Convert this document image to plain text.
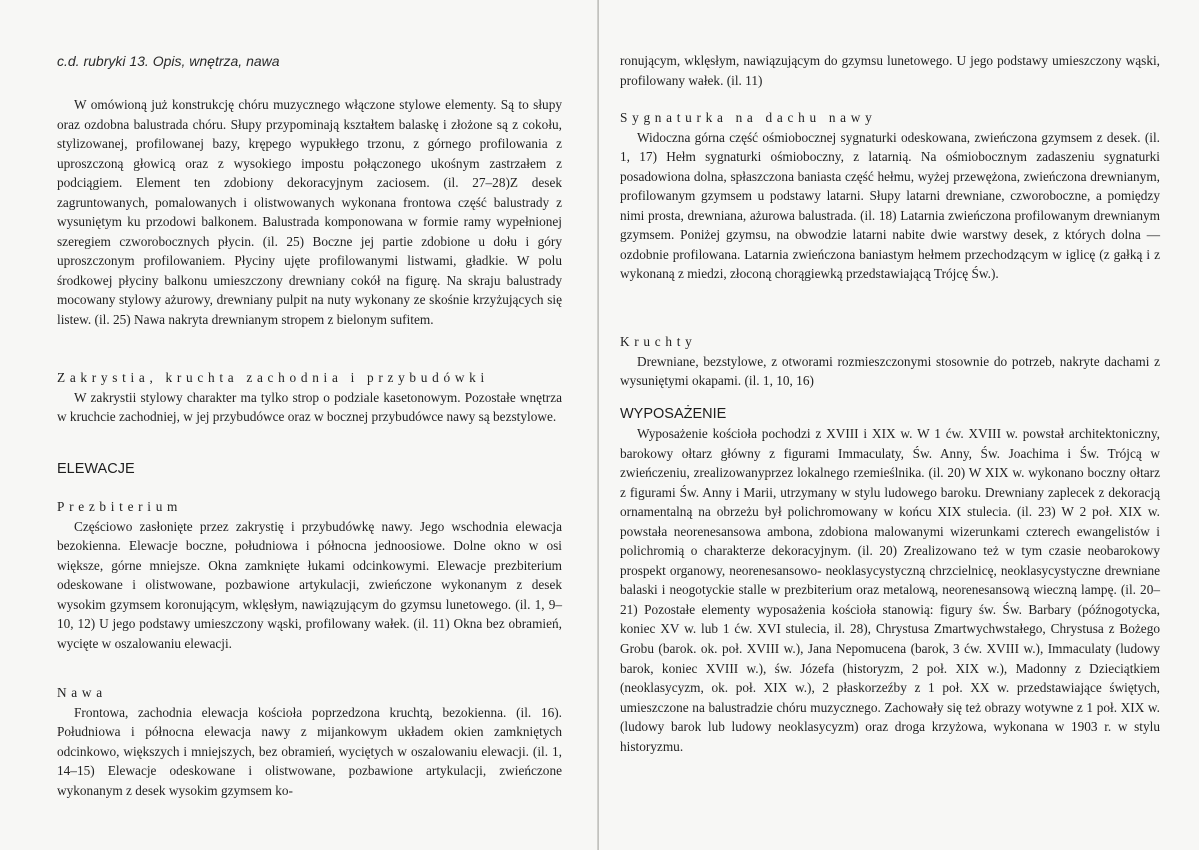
c.d. rubryki 13. Opis, wnętrza, nawa

W omówioną już konstrukcję chóru muzycznego włączone stylowe elementy. Są to słupy oraz ozdobna balustrada chóru. Słupy przypominają kształtem balaskę i złożone są z cokołu, stylizowanej, profilowanej bazy, krępego wypukłego trzonu, z górnego profilowania z uproszczoną głowicą oraz z wysokiego impostu połączonego ukośnym zastrzałem z podciągiem. Element ten zdobiony dekoracyjnym zaciosem. (il. 27–28)Z desek zagruntowanych, pomalowanych i olistwowanych wykonana frontowa część balustrady z wysuniętym ku przodowi balkonem. Balustrada komponowana w formie ramy wypełnionej szeregiem czworobocznych płycin. (il. 25) Boczne jej partie zdobione u dołu i góry uproszczonym profilowaniem. Płyciny ujęte profilowanymi listwami, gładkie. W polu środkowej płyciny balkonu umieszczony drewniany cokół na figurę. Na skraju balustrady mocowany stylowy ażurowy, drewniany pulpit na nuty wykonany ze skośnie krzyżujących się listew. (il. 25) Nawa nakryta drewnianym stropem z bielonym sufitem.

Zakrystia, kruchta zachodnia i przybudówki

W zakrystii stylowy charakter ma tylko strop o podziale kasetonowym. Pozostałe wnętrza w kruchcie zachodniej, w jej przybudówce oraz w bocznej przybudówce nawy są bezstylowe.

ELEWACJE

Prezbiterium

Częściowo zasłonięte przez zakrystię i przybudówkę nawy. Jego wschodnia elewacja bezokienna. Elewacje boczne, południowa i północna jednoosiowe. Dolne okno w osi większe, górne mniejsze. Okna zamknięte łukami odcinkowymi. Elewacje prezbiterium odeskowane i olistwowane, pozbawione artykulacji, zwieńczone wykonanym z desek wysokim gzymsem koronującym, wklęsłym, nawiązującym do gzymsu lunetowego. (il. 1, 9–10, 12) U jego podstawy umieszczony wąski, profilowany wałek. (il. 11) Okna bez obramień, wycięte w oszalowaniu elewacji.

Nawa

Frontowa, zachodnia elewacja kościoła poprzedzona kruchtą, bezokienna. (il. 16). Południowa i północna elewacja nawy z mijankowym układem okien zamkniętych odcinkowo, większych i mniejszych, bez obramień, wyciętych w oszalowaniu elewacji. (il. 1, 14–15) Elewacje odeskowane i olistwowane, pozbawione artykulacji, zwieńczone wykonanym z desek wysokim gzymsem ko-

ronującym, wklęsłym, nawiązującym do gzymsu lunetowego. U jego podstawy umieszczony wąski, profilowany wałek. (il. 11)

Sygnaturka na dachu nawy

Widoczna górna część ośmiobocznej sygnaturki odeskowana, zwieńczona gzymsem z desek. (il. 1, 17) Hełm sygnaturki ośmioboczny, z latarnią. Na ośmiobocznym zadaszeniu sygnaturki posadowiona dolna, spłaszczona baniasta część hełmu, wyżej przewężona, zwieńczona drewnianym, profilowanym gzymsem u podstawy latarni. Słupy latarni drewniane, czworoboczne, a pomiędzy nimi prosta, drewniana, ażurowa balustrada. (il. 18) Latarnia zwieńczona profilowanym drewnianym gzymsem. Poniżej gzymsu, na obwodzie latarni nabite dwie warstwy desek, z których dolna — ozdobnie profilowana. Latarnia zwieńczona baniastym hełmem przechodzącym w iglicę (z gałką i z wykonaną z miedzi, złoconą chorągiewką przedstawiającą Trójcę Św.).

Kruchty

Drewniane, bezstylowe, z otworami rozmieszczonymi stosownie do potrzeb, nakryte dachami z wysuniętymi okapami. (il. 1, 10, 16)

WYPOSAŻENIE

Wyposażenie kościoła pochodzi z XVIII i XIX w. W 1 ćw. XVIII w. powstał architektoniczny, barokowy ołtarz główny z figurami Immaculaty, Św. Anny, Św. Joachima i Św. Trójcą w zwieńczeniu, zrealizowanyprzez lokalnego rzemieślnika. (il. 20) W XIX w. wykonano boczny ołtarz z figurami Św. Anny i Marii, utrzymany w stylu ludowego baroku. Drewniany zaplecek z dekoracją ornamentalną na obrzeżu był polichromowany w końcu XIX stulecia. (il. 23) W 2 poł. XIX w. powstała neorenesansowa ambona, zdobiona malowanymi wizerunkami czterech ewangelistów i polichromią o charakterze dekoracyjnym. (il. 20) Zrealizowano też w tym czasie neobarokowy prospekt organowy, neorenesansowo- neoklasycystyczną chrzcielnicę, neoklasycystyczne drewniane balaski i neogotyckie stalle w prezbiterium oraz metalową, neorenesansową wieczną lampę. (il. 20–21) Pozostałe elementy wyposażenia kościoła stanowią: figury św. Św. Barbary (późnogotycka, koniec XV w. lub 1 ćw. XVI stulecia, il. 28), Chrystusa Zmartwychwstałego, Chrystusa z Bożego Grobu (barok. ok. poł. XVIII w.), Jana Nepomucena (barok, 3 ćw. XVIII w.), Immaculaty (ludowy barok, koniec XVIII w.), św. Józefa (historyzm, 2 poł. XIX w.), Madonny z Dzieciątkiem (neoklasycyzm, ok. poł. XIX w.), 2 płaskorzeźby z 1 poł. XX w. przedstawiające świętych, umieszczone na balustradzie chóru muzycznego. Zachowały się też obrazy wotywne z 1 poł. XIX w. (ludowy barok lub ludowy neoklasycyzm) oraz droga krzyżowa, wykonana w 1903 r. w stylu historyzmu.
